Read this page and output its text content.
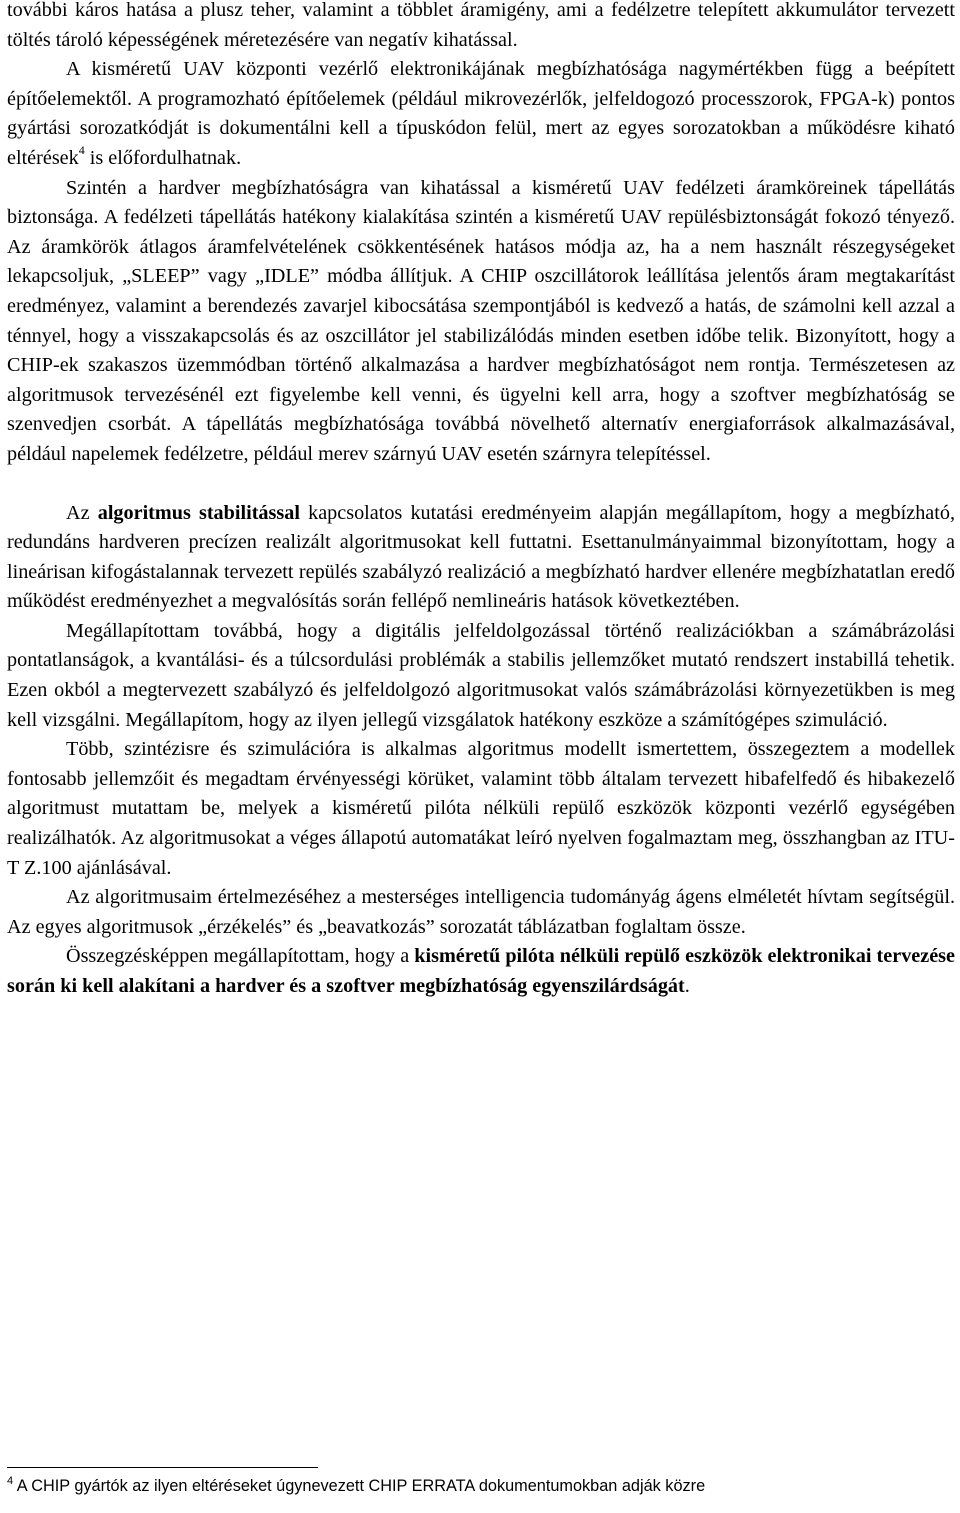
további káros hatása a plusz teher, valamint a többlet áramigény, ami a fedélzetre telepített akkumulátor tervezett töltés tároló képességének méretezésére van negatív kihatással.

A kisméretű UAV központi vezérlő elektronikájának megbízhatósága nagymértékben függ a beépített építőelemektől. A programozható építőelemek (például mikrovezérlők, jelfeldogozó processzorok, FPGA-k) pontos gyártási sorozatkódját is dokumentálni kell a típuskódon felül, mert az egyes sorozatokban a működésre kiható eltérések$^4$ is előfordulhatnak.

Szintén a hardver megbízhatóságra van kihatással a kisméretű UAV fedélzeti áramköreinek tápellátás biztonsága. A fedélzeti tápellátás hatékony kialakítása szintén a kisméretű UAV repülésbiztonságát fokozó tényező. Az áramkörök átlagos áramfelvételének csökkentésének hatásos módja az, ha a nem használt részegységeket lekapcsoljuk, „SLEEP” vagy „IDLE” módba állítjuk. A CHIP oszcillátorok leállítása jelentős áram megtakarítást eredményez, valamint a berendezés zavarjel kibocsátása szempontjából is kedvező a hatás, de számolni kell azzal a ténnyel, hogy a visszakapcsolás és az oszcillátor jel stabilizálódás minden esetben időbe telik. Bizonyított, hogy a CHIP-ek szakaszos üzemmódban történő alkalmazása a hardver megbízhatóságot nem rontja. Természetesen az algoritmusok tervezésénél ezt figyelembe kell venni, és ügyelni kell arra, hogy a szoftver megbízhatóság se szenvedjen csorbát. A tápellátás megbízhatósága továbbá növelhető alternatív energiaforrások alkalmazásával, például napelemek fedélzetre, például merev szárnyú UAV esetén szárnyra telepítéssel.

Az algoritmus stabilitással kapcsolatos kutatási eredményeim alapján megállapítom, hogy a megbízható, redundáns hardveren precízen realizált algoritmusokat kell futtatni. Esettanulmányaimmal bizonyítottam, hogy a lineárisan kifogástalannak tervezett repülés szabályzó realizáció a megbízható hardver ellenére megbízhatatlan eredő működést eredményezhet a megvalósítás során fellépő nemlineáris hatások következtében.

Megállapítottam továbbá, hogy a digitális jelfeldolgozással történő realizációkban a számábrázolási pontatlanságok, a kvantálási- és a túlcsordulási problémák a stabilis jellemzőket mutató rendszert instabillá tehetik. Ezen okból a megtervezett szabályzó és jelfeldolgozó algoritmusokat valós számábrázolási környezetükben is meg kell vizsgálni. Megállapítom, hogy az ilyen jellegű vizsgálatok hatékony eszköze a számítógépes szimuláció.

Több, szintézisre és szimulációra is alkalmas algoritmus modellt ismertettem, összegeztem a modellek fontosabb jellemzőit és megadtam érvényességi körüket, valamint több általam tervezett hibafelfedő és hibakezelő algoritmust mutattam be, melyek a kisméretű pilóta nélküli repülő eszközök központi vezérlő egységében realizálhatók. Az algoritmusokat a véges állapotú automatákat leíró nyelven fogalmaztam meg, összhangban az ITU-T Z.100 ajánlásával.

Az algoritmusaim értelmezéséhez a mesterséges intelligencia tudományág ágens elméletét hívtam segítségül. Az egyes algoritmusok „érzékelés” és „beavatkozás” sorozatát táblázatban foglaltam össze.

Összegzésképpen megállapítottam, hogy a kisméretű pilóta nélküli repülő eszközök elektronikai tervezése során ki kell alakítani a hardver és a szoftver megbízhatóság egyenszilárdságát.

$^4$ A CHIP gyártók az ilyen eltéréseket úgynevezett CHIP ERRATA dokumentumokban adják közre
